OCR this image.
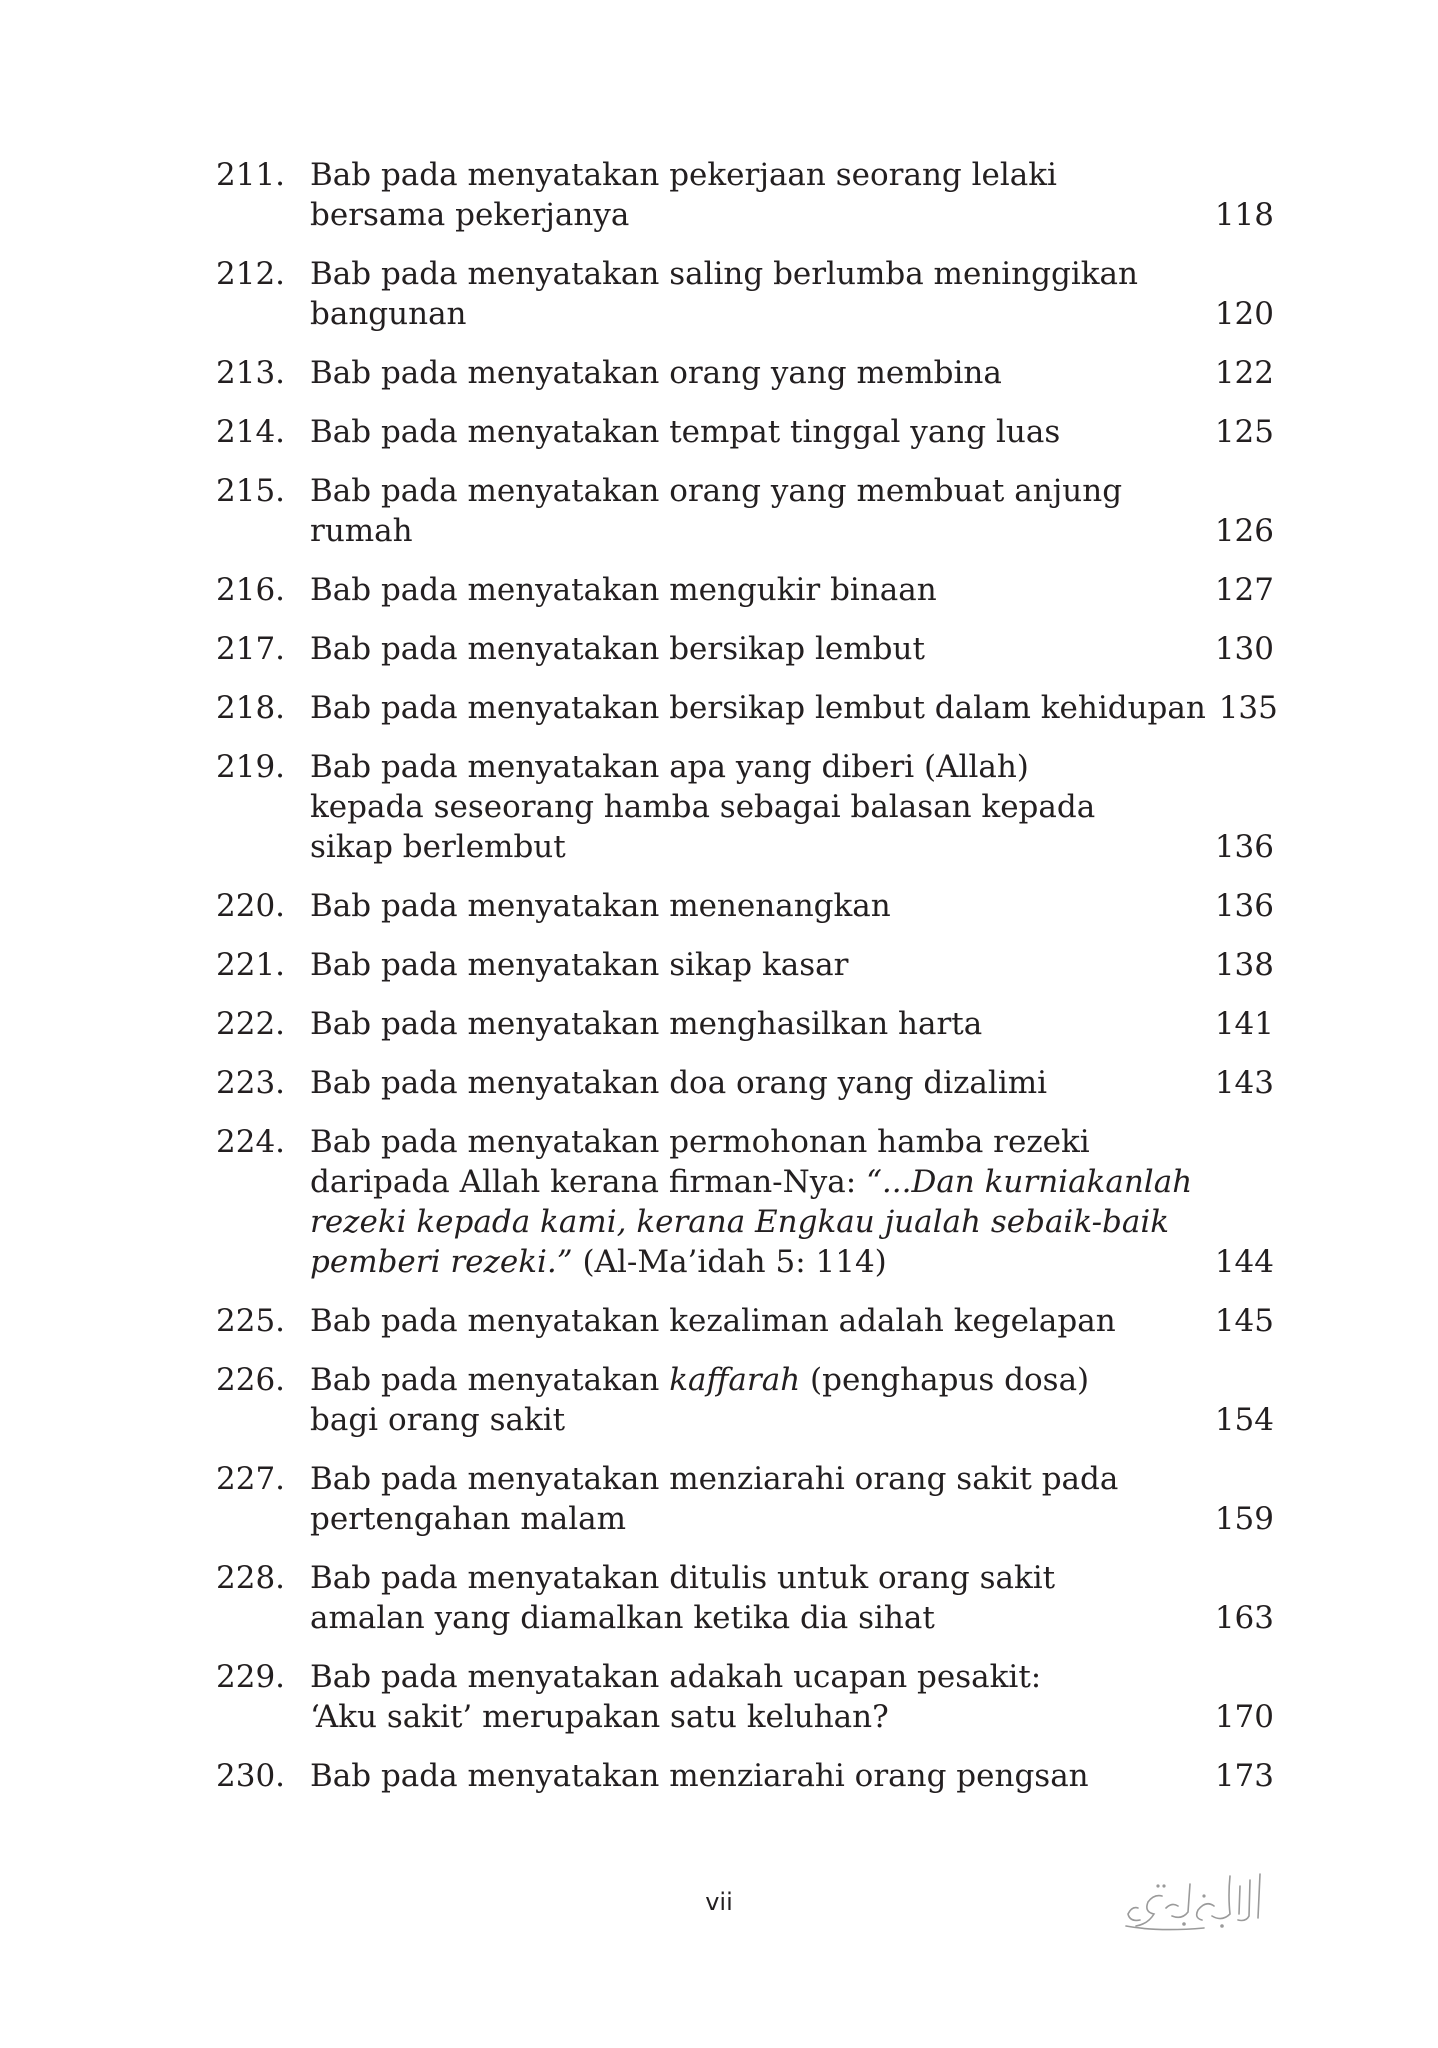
211. Bab pada menyatakan pekerjaan seorang lelaki
bersama pekerjanya	118
212. Bab pada menyatakan saling berlumba meninggikan
bangunan	120
213. Bab pada menyatakan orang yang membina	122
214. Bab pada menyatakan tempat tinggal yang luas	125
215. Bab pada menyatakan orang yang membuat anjung
rumah	126
216. Bab pada menyatakan mengukir binaan	127
217. Bab pada menyatakan bersikap lembut	130
218. Bab pada menyatakan bersikap lembut dalam kehidupan 135
219. Bab pada menyatakan apa yang diberi (Allah)
kepada seseorang hamba sebagai balasan kepada
sikap berlembut	136
220. Bab pada menyatakan menenangkan	136
221. Bab pada menyatakan sikap kasar	138
222. Bab pada menyatakan menghasilkan harta	141
223. Bab pada menyatakan doa orang yang dizalimi	143
224. Bab pada menyatakan permohonan hamba rezeki
daripada Allah kerana firman-Nya: “...Dan kurniakanlah
rezeki kepada kami, kerana Engkau jualah sebaik-baik
pemberi rezeki.” (Al-Ma’idah 5: 114)	144
225. Bab pada menyatakan kezaliman adalah kegelapan	145
226. Bab pada menyatakan kaffarah (penghapus dosa)
bagi orang sakit	154
227. Bab pada menyatakan menziarahi orang sakit pada
pertengahan malam	159
228. Bab pada menyatakan ditulis untuk orang sakit
amalan yang diamalkan ketika dia sihat	163
229. Bab pada menyatakan adakah ucapan pesakit:
‘Aku sakit’ merupakan satu keluhan?	170
230. Bab pada menyatakan menziarahi orang pengsan	173
vii
